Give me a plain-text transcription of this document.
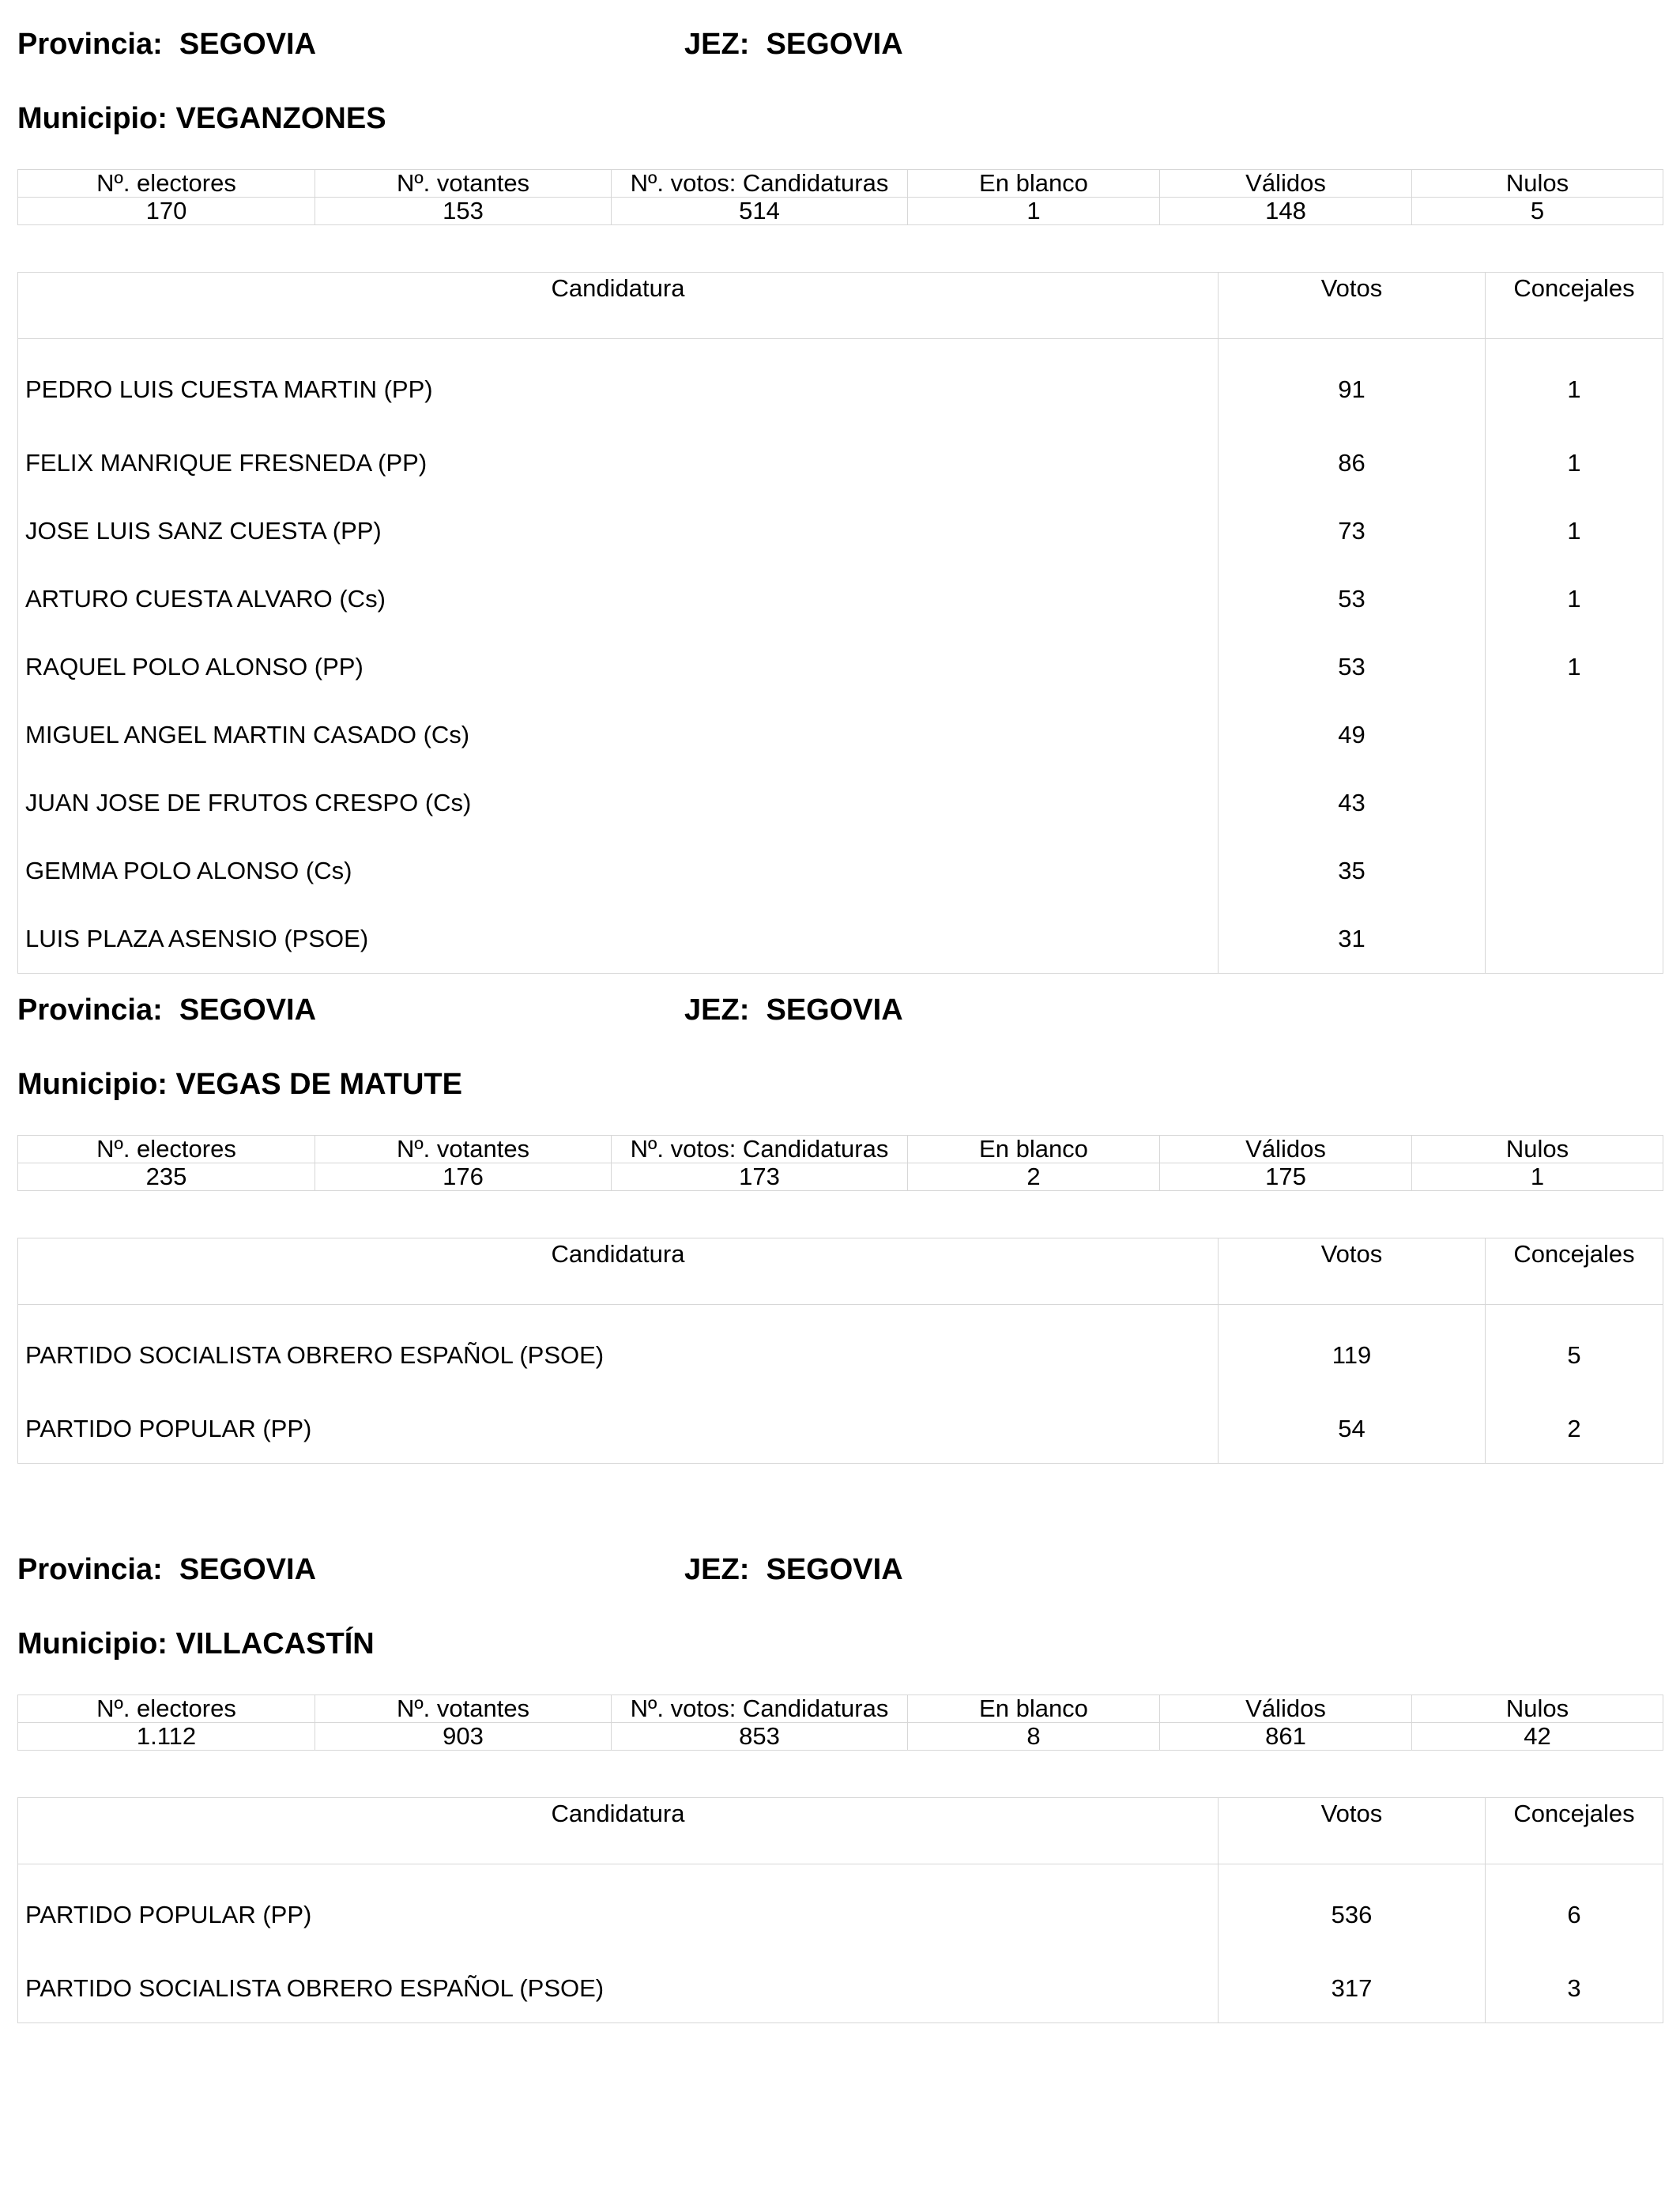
Provincia: SEGOVIA	JEZ: SEGOVIA
Municipio: VEGANZONES
Nº. electores	Nº. votantes	Nº. votos: Candidaturas	En blanco	Válidos	Nulos
170	153	514	1	148	5
Candidatura	Votos	Concejales
PEDRO LUIS CUESTA MARTIN (PP)	91	1
FELIX MANRIQUE FRESNEDA (PP)	86	1
JOSE LUIS SANZ CUESTA (PP)	73	1
ARTURO CUESTA ALVARO (Cs)	53	1
RAQUEL POLO ALONSO (PP)	53	1
MIGUEL ANGEL MARTIN CASADO (Cs)	49	
JUAN JOSE DE FRUTOS CRESPO (Cs)	43	
GEMMA POLO ALONSO (Cs)	35	
LUIS PLAZA ASENSIO (PSOE)	31	
Provincia: SEGOVIA	JEZ: SEGOVIA
Municipio: VEGAS DE MATUTE
Nº. electores	Nº. votantes	Nº. votos: Candidaturas	En blanco	Válidos	Nulos
235	176	173	2	175	1
Candidatura	Votos	Concejales
PARTIDO SOCIALISTA OBRERO ESPAÑOL (PSOE)	119	5
PARTIDO POPULAR (PP)	54	2
Provincia: SEGOVIA	JEZ: SEGOVIA
Municipio: VILLACASTÍN
Nº. electores	Nº. votantes	Nº. votos: Candidaturas	En blanco	Válidos	Nulos
1.112	903	853	8	861	42
Candidatura	Votos	Concejales
PARTIDO POPULAR (PP)	536	6
PARTIDO SOCIALISTA OBRERO ESPAÑOL (PSOE)	317	3
